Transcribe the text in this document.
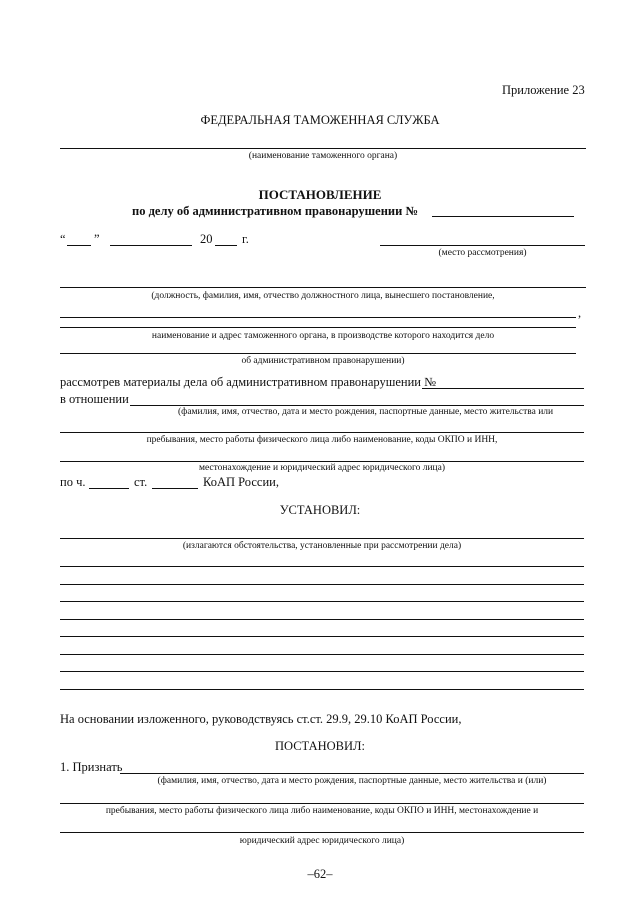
Приложение 23
ФЕДЕРАЛЬНАЯ ТАМОЖЕННАЯ СЛУЖБА
(наименование таможенного органа)
ПОСТАНОВЛЕНИЕ
по делу об административном правонарушении №
“ ”	20 г.
(место рассмотрения)
(должность, фамилия, имя, отчество должностного лица, вынесшего постановление,
,
наименование и адрес таможенного органа, в производстве которого находится дело
об административном правонарушении)
рассмотрев материалы дела об административном правонарушении №
в отношении
(фамилия, имя, отчество, дата и место рождения, паспортные данные, место жительства или
пребывания, место работы физического лица либо наименование, коды ОКПО и ИНН,
местонахождение и юридический адрес юридического лица)
по ч.	ст.	КоАП России,
УСТАНОВИЛ:
(излагаются обстоятельства, установленные при рассмотрении дела)
На основании изложенного, руководствуясь ст.ст. 29.9, 29.10 КоАП России,
ПОСТАНОВИЛ:
1. Признать
(фамилия, имя, отчество, дата и место рождения, паспортные данные, место жительства и (или)
пребывания, место работы физического лица либо наименование, коды ОКПО и ИНН, местонахождение и
юридический адрес юридического лица)
–62–
